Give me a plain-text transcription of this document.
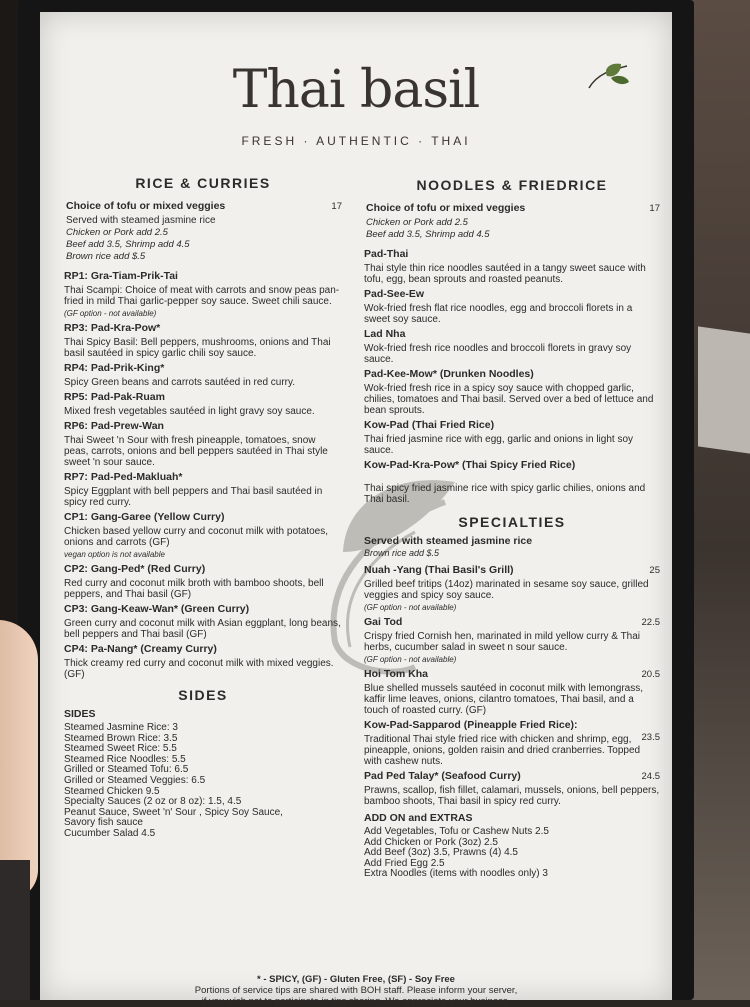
Thai basil
FRESH · AUTHENTIC · THAI
RICE & CURRIES
Choice of tofu or mixed veggies	17
Served with steamed jasmine rice
Chicken or Pork add 2.5
Beef add 3.5, Shrimp add 4.5
Brown rice add $.5
RP1: Gra-Tiam-Prik-Tai
Thai Scampi: Choice of meat with carrots and snow peas pan-fried in mild Thai garlic-pepper soy sauce. Sweet chili sauce.
(GF option - not available)
RP3: Pad-Kra-Pow*
Thai Spicy Basil: Bell peppers, mushrooms, onions and Thai basil sautéed in spicy garlic chili soy sauce.
RP4: Pad-Prik-King*
Spicy Green beans and carrots sautéed in red curry.
RP5: Pad-Pak-Ruam
Mixed fresh vegetables sautéed in light gravy soy sauce.
RP6: Pad-Prew-Wan
Thai Sweet 'n Sour with fresh pineapple, tomatoes, snow peas, carrots, onions and bell peppers sautéed in Thai style sweet 'n sour sauce.
RP7: Pad-Ped-Makluah*
Spicy Eggplant with bell peppers and Thai basil sautéed in spicy red curry.
CP1: Gang-Garee (Yellow Curry)
Chicken based yellow curry and coconut milk with potatoes, onions and carrots (GF)
vegan option is not available
CP2: Gang-Ped* (Red Curry)
Red curry and coconut milk broth with bamboo shoots, bell peppers, and Thai basil (GF)
CP3: Gang-Keaw-Wan* (Green Curry)
Green curry and coconut milk with Asian eggplant, long beans, bell peppers and Thai basil (GF)
CP4: Pa-Nang* (Creamy Curry)
Thick creamy red curry and coconut milk with mixed veggies. (GF)
SIDES
SIDES
Steamed Jasmine Rice: 3
Steamed Brown Rice: 3.5
Steamed Sweet Rice: 5.5
Steamed Rice Noodles: 5.5
Grilled or Steamed Tofu: 6.5
Grilled or Steamed Veggies: 6.5
Steamed Chicken 9.5
Specialty Sauces (2 oz or 8 oz): 1.5, 4.5
Peanut Sauce, Sweet 'n' Sour , Spicy Soy Sauce,
Savory fish sauce
Cucumber Salad 4.5
NOODLES & FRIEDRICE
Choice of tofu or mixed veggies	17
Chicken or Pork add 2.5
Beef add 3.5, Shrimp add 4.5
Pad-Thai
Thai style thin rice noodles sautéed in a tangy sweet sauce with tofu, egg, bean sprouts and roasted peanuts.
Pad-See-Ew
Wok-fried fresh flat rice noodles, egg and broccoli florets in a sweet soy sauce.
Lad Nha
Wok-fried fresh rice noodles and broccoli florets in gravy soy sauce.
Pad-Kee-Mow* (Drunken Noodles)
Wok-fried fresh rice in a spicy soy sauce with chopped garlic, chilies, tomatoes and Thai basil. Served over a bed of lettuce and bean sprouts.
Kow-Pad (Thai Fried Rice)
Thai fried jasmine rice with egg, garlic and onions in light soy sauce.
Kow-Pad-Kra-Pow* (Thai Spicy Fried Rice)
Thai spicy fried jasmine rice with spicy garlic chilies, onions and Thai basil.
SPECIALTIES
Served with steamed jasmine rice
Brown rice add $.5
Nuah -Yang (Thai Basil's Grill)	25
Grilled beef tritips (14oz) marinated in sesame soy sauce, grilled veggies and spicy soy sauce.
(GF option - not available)
Gai Tod	22.5
Crispy fried Cornish hen, marinated in mild yellow curry & Thai herbs, cucumber salad in sweet n sour sauce.
(GF option - not available)
Hoi Tom Kha	20.5
Blue shelled mussels sautéed in coconut milk with lemongrass, kaffir lime leaves, onions, cilantro tomatoes, Thai basil, and a touch of roasted curry. (GF)
Kow-Pad-Sapparod (Pineapple Fried Rice):
23.5
Traditional Thai style fried rice with chicken and shrimp, egg, pineapple, onions, golden raisin and dried cranberries. Topped with cashew nuts.
Pad Ped Talay* (Seafood Curry)	24.5
Prawns, scallop, fish fillet, calamari, mussels, onions, bell peppers, bamboo shoots, Thai basil in spicy red curry.
ADD ON and EXTRAS
Add Vegetables, Tofu or Cashew Nuts 2.5
Add Chicken or Pork (3oz) 2.5
Add Beef (3oz) 3.5, Prawns (4) 4.5
Add Fried Egg 2.5
Extra Noodles (items with noodles only) 3
* - SPICY, (GF) - Gluten Free, (SF) - Soy Free
Portions of service tips are shared with BOH staff. Please inform your server,
if you wish not to participate in tips sharing. We appreciate your business.
